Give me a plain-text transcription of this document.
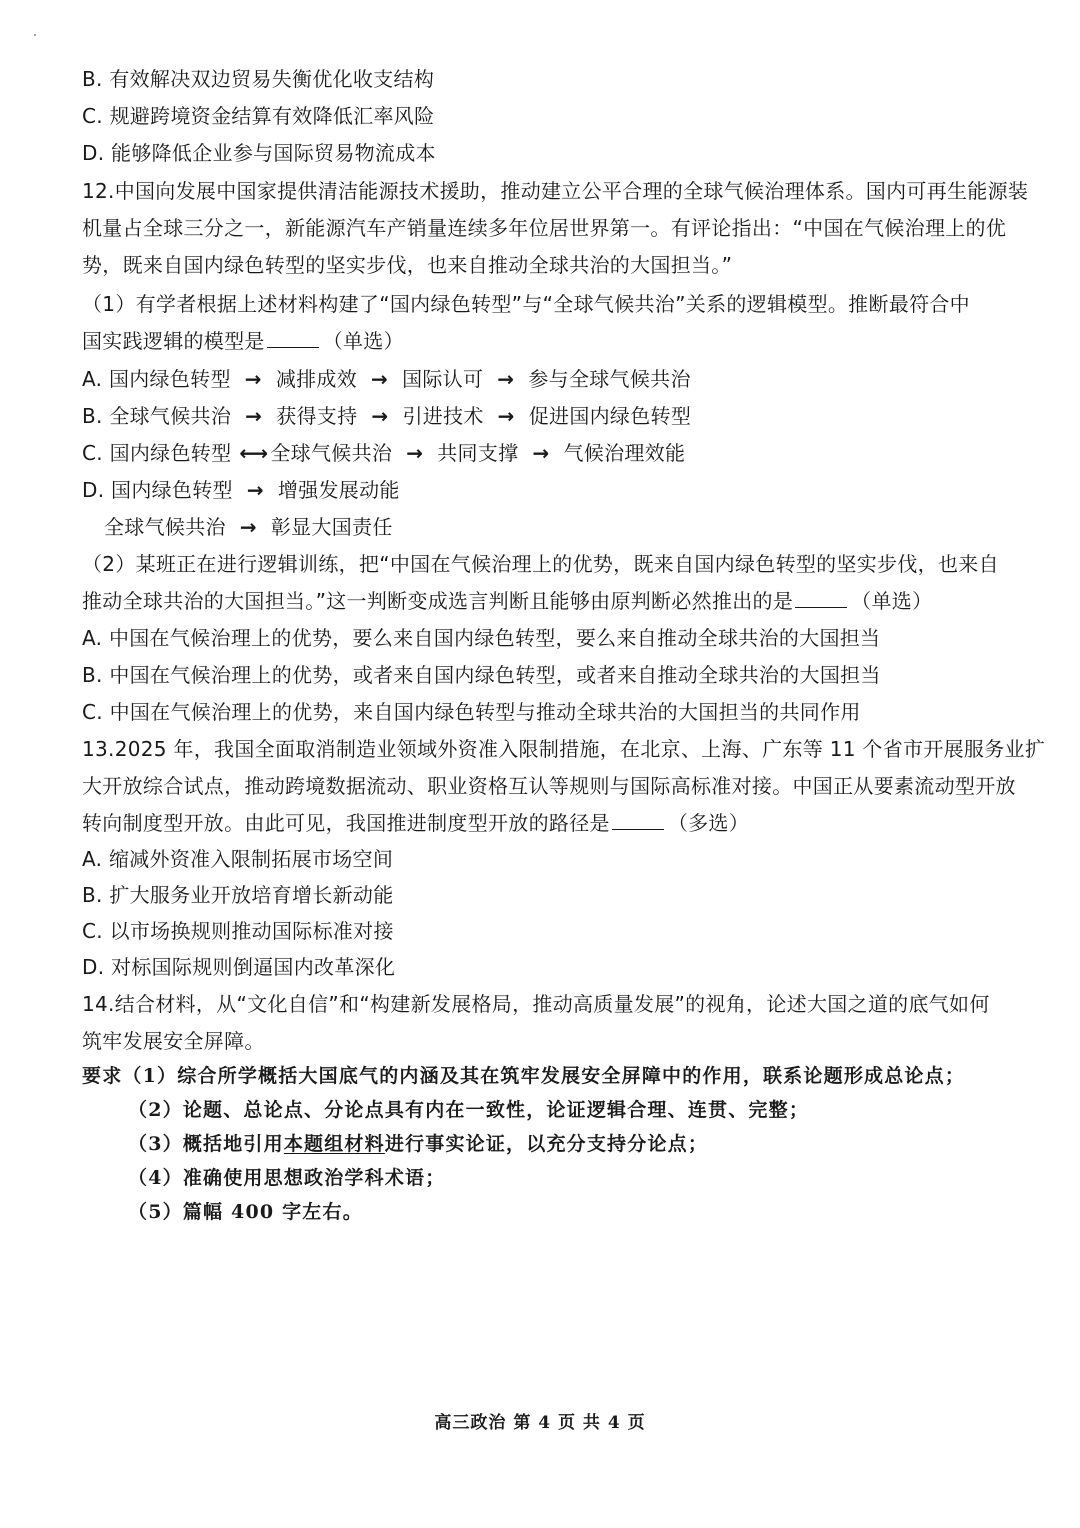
B. 有效解决双边贸易失衡优化收支结构
C. 规避跨境资金结算有效降低汇率风险
D. 能够降低企业参与国际贸易物流成本
12.中国向发展中国家提供清洁能源技术援助，推动建立公平合理的全球气候治理体系。国内可再生能源装
机量占全球三分之一，新能源汽车产销量连续多年位居世界第一。有评论指出：“中国在气候治理上的优
势，既来自国内绿色转型的坚实步伐，也来自推动全球共治的大国担当。”
（1）有学者根据上述材料构建了“国内绿色转型”与“全球气候共治”关系的逻辑模型。推断最符合中
国实践逻辑的模型是	（单选）
A. 国内绿色转型 → 减排成效 → 国际认可 → 参与全球气候共治
B. 全球气候共治 → 获得支持 → 引进技术 → 促进国内绿色转型
C. 国内绿色转型 ⟷ 全球气候共治 → 共同支撑 → 气候治理效能
D. 国内绿色转型 → 增强发展动能
全球气候共治 → 彰显大国责任
（2）某班正在进行逻辑训练，把“中国在气候治理上的优势，既来自国内绿色转型的坚实步伐，也来自
推动全球共治的大国担当。”这一判断变成选言判断且能够由原判断必然推出的是	（单选）
A. 中国在气候治理上的优势，要么来自国内绿色转型，要么来自推动全球共治的大国担当
B. 中国在气候治理上的优势，或者来自国内绿色转型，或者来自推动全球共治的大国担当
C. 中国在气候治理上的优势，来自国内绿色转型与推动全球共治的大国担当的共同作用
13.2025 年，我国全面取消制造业领域外资准入限制措施，在北京、上海、广东等 11 个省市开展服务业扩
大开放综合试点，推动跨境数据流动、职业资格互认等规则与国际高标准对接。中国正从要素流动型开放
转向制度型开放。由此可见，我国推进制度型开放的路径是	（多选）
A. 缩减外资准入限制拓展市场空间
B. 扩大服务业开放培育增长新动能
C. 以市场换规则推动国际标准对接
D. 对标国际规则倒逼国内改革深化
14.结合材料，从“文化自信”和“构建新发展格局，推动高质量发展”的视角，论述大国之道的底气如何
筑牢发展安全屏障。
要求（1）综合所学概括大国底气的内涵及其在筑牢发展安全屏障中的作用，联系论题形成总论点；
（2）论题、总论点、分论点具有内在一致性，论证逻辑合理、连贯、完整；
（3）概括地引用本题组材料进行事实论证，以充分支持分论点；
（4）准确使用思想政治学科术语；
（5）篇幅 400 字左右。
高三政治 第 4 页 共 4 页
